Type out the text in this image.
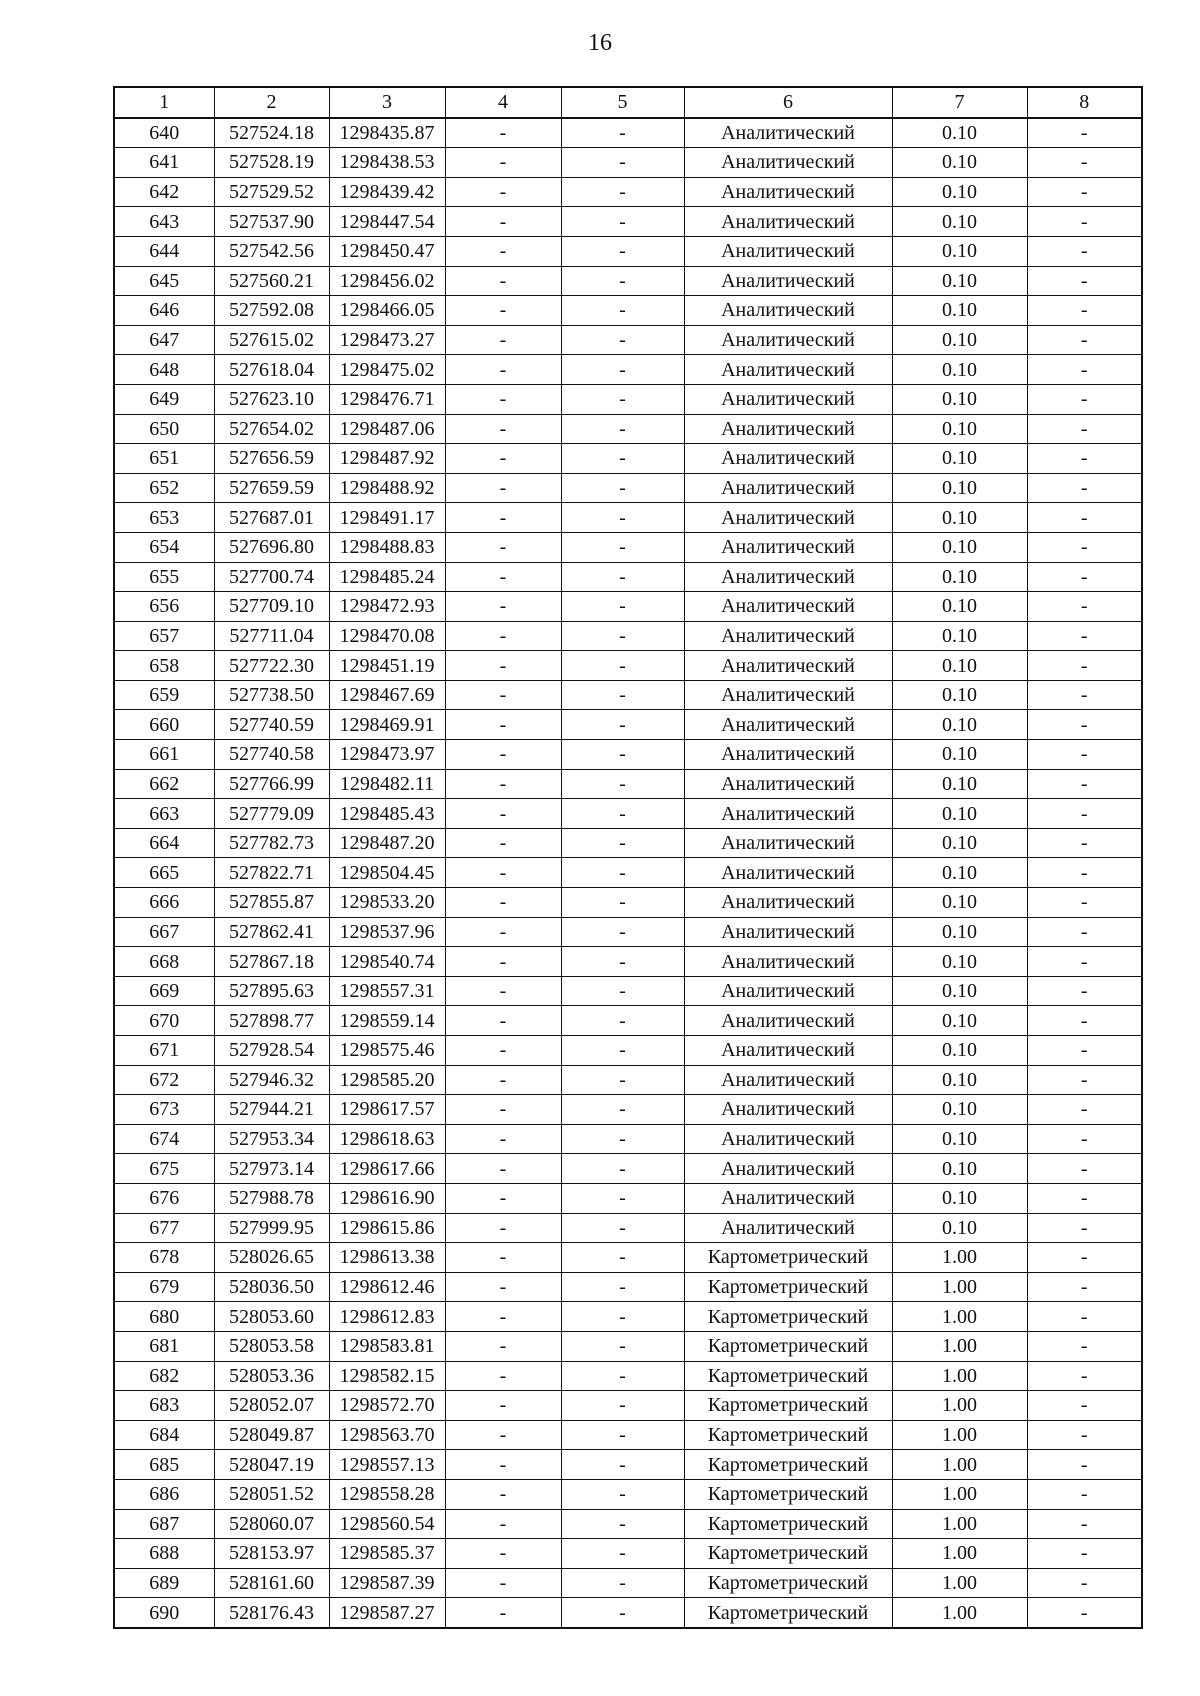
16
1	2	3	4	5	6	7	8
640	527524.18	1298435.87	-	-	Аналитический	0.10	-
641	527528.19	1298438.53	-	-	Аналитический	0.10	-
642	527529.52	1298439.42	-	-	Аналитический	0.10	-
643	527537.90	1298447.54	-	-	Аналитический	0.10	-
644	527542.56	1298450.47	-	-	Аналитический	0.10	-
645	527560.21	1298456.02	-	-	Аналитический	0.10	-
646	527592.08	1298466.05	-	-	Аналитический	0.10	-
647	527615.02	1298473.27	-	-	Аналитический	0.10	-
648	527618.04	1298475.02	-	-	Аналитический	0.10	-
649	527623.10	1298476.71	-	-	Аналитический	0.10	-
650	527654.02	1298487.06	-	-	Аналитический	0.10	-
651	527656.59	1298487.92	-	-	Аналитический	0.10	-
652	527659.59	1298488.92	-	-	Аналитический	0.10	-
653	527687.01	1298491.17	-	-	Аналитический	0.10	-
654	527696.80	1298488.83	-	-	Аналитический	0.10	-
655	527700.74	1298485.24	-	-	Аналитический	0.10	-
656	527709.10	1298472.93	-	-	Аналитический	0.10	-
657	527711.04	1298470.08	-	-	Аналитический	0.10	-
658	527722.30	1298451.19	-	-	Аналитический	0.10	-
659	527738.50	1298467.69	-	-	Аналитический	0.10	-
660	527740.59	1298469.91	-	-	Аналитический	0.10	-
661	527740.58	1298473.97	-	-	Аналитический	0.10	-
662	527766.99	1298482.11	-	-	Аналитический	0.10	-
663	527779.09	1298485.43	-	-	Аналитический	0.10	-
664	527782.73	1298487.20	-	-	Аналитический	0.10	-
665	527822.71	1298504.45	-	-	Аналитический	0.10	-
666	527855.87	1298533.20	-	-	Аналитический	0.10	-
667	527862.41	1298537.96	-	-	Аналитический	0.10	-
668	527867.18	1298540.74	-	-	Аналитический	0.10	-
669	527895.63	1298557.31	-	-	Аналитический	0.10	-
670	527898.77	1298559.14	-	-	Аналитический	0.10	-
671	527928.54	1298575.46	-	-	Аналитический	0.10	-
672	527946.32	1298585.20	-	-	Аналитический	0.10	-
673	527944.21	1298617.57	-	-	Аналитический	0.10	-
674	527953.34	1298618.63	-	-	Аналитический	0.10	-
675	527973.14	1298617.66	-	-	Аналитический	0.10	-
676	527988.78	1298616.90	-	-	Аналитический	0.10	-
677	527999.95	1298615.86	-	-	Аналитический	0.10	-
678	528026.65	1298613.38	-	-	Картометрический	1.00	-
679	528036.50	1298612.46	-	-	Картометрический	1.00	-
680	528053.60	1298612.83	-	-	Картометрический	1.00	-
681	528053.58	1298583.81	-	-	Картометрический	1.00	-
682	528053.36	1298582.15	-	-	Картометрический	1.00	-
683	528052.07	1298572.70	-	-	Картометрический	1.00	-
684	528049.87	1298563.70	-	-	Картометрический	1.00	-
685	528047.19	1298557.13	-	-	Картометрический	1.00	-
686	528051.52	1298558.28	-	-	Картометрический	1.00	-
687	528060.07	1298560.54	-	-	Картометрический	1.00	-
688	528153.97	1298585.37	-	-	Картометрический	1.00	-
689	528161.60	1298587.39	-	-	Картометрический	1.00	-
690	528176.43	1298587.27	-	-	Картометрический	1.00	-
